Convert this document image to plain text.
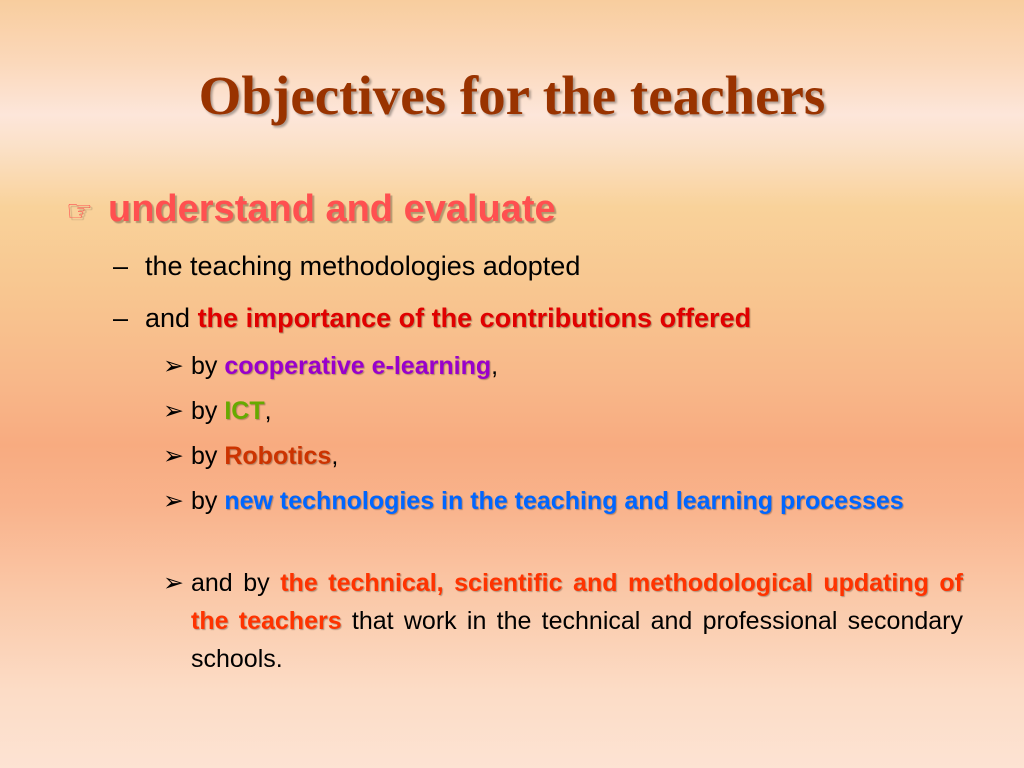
Objectives for the teachers
☞ understand and evaluate
– the teaching methodologies adopted
– and the importance of the contributions offered
➢ by cooperative e-learning,
➢ by ICT,
➢ by Robotics,
➢ by new technologies in the teaching and learning processes
➢ and by the technical, scientific and methodological updating of the teachers that work in the technical and professional secondary schools.
